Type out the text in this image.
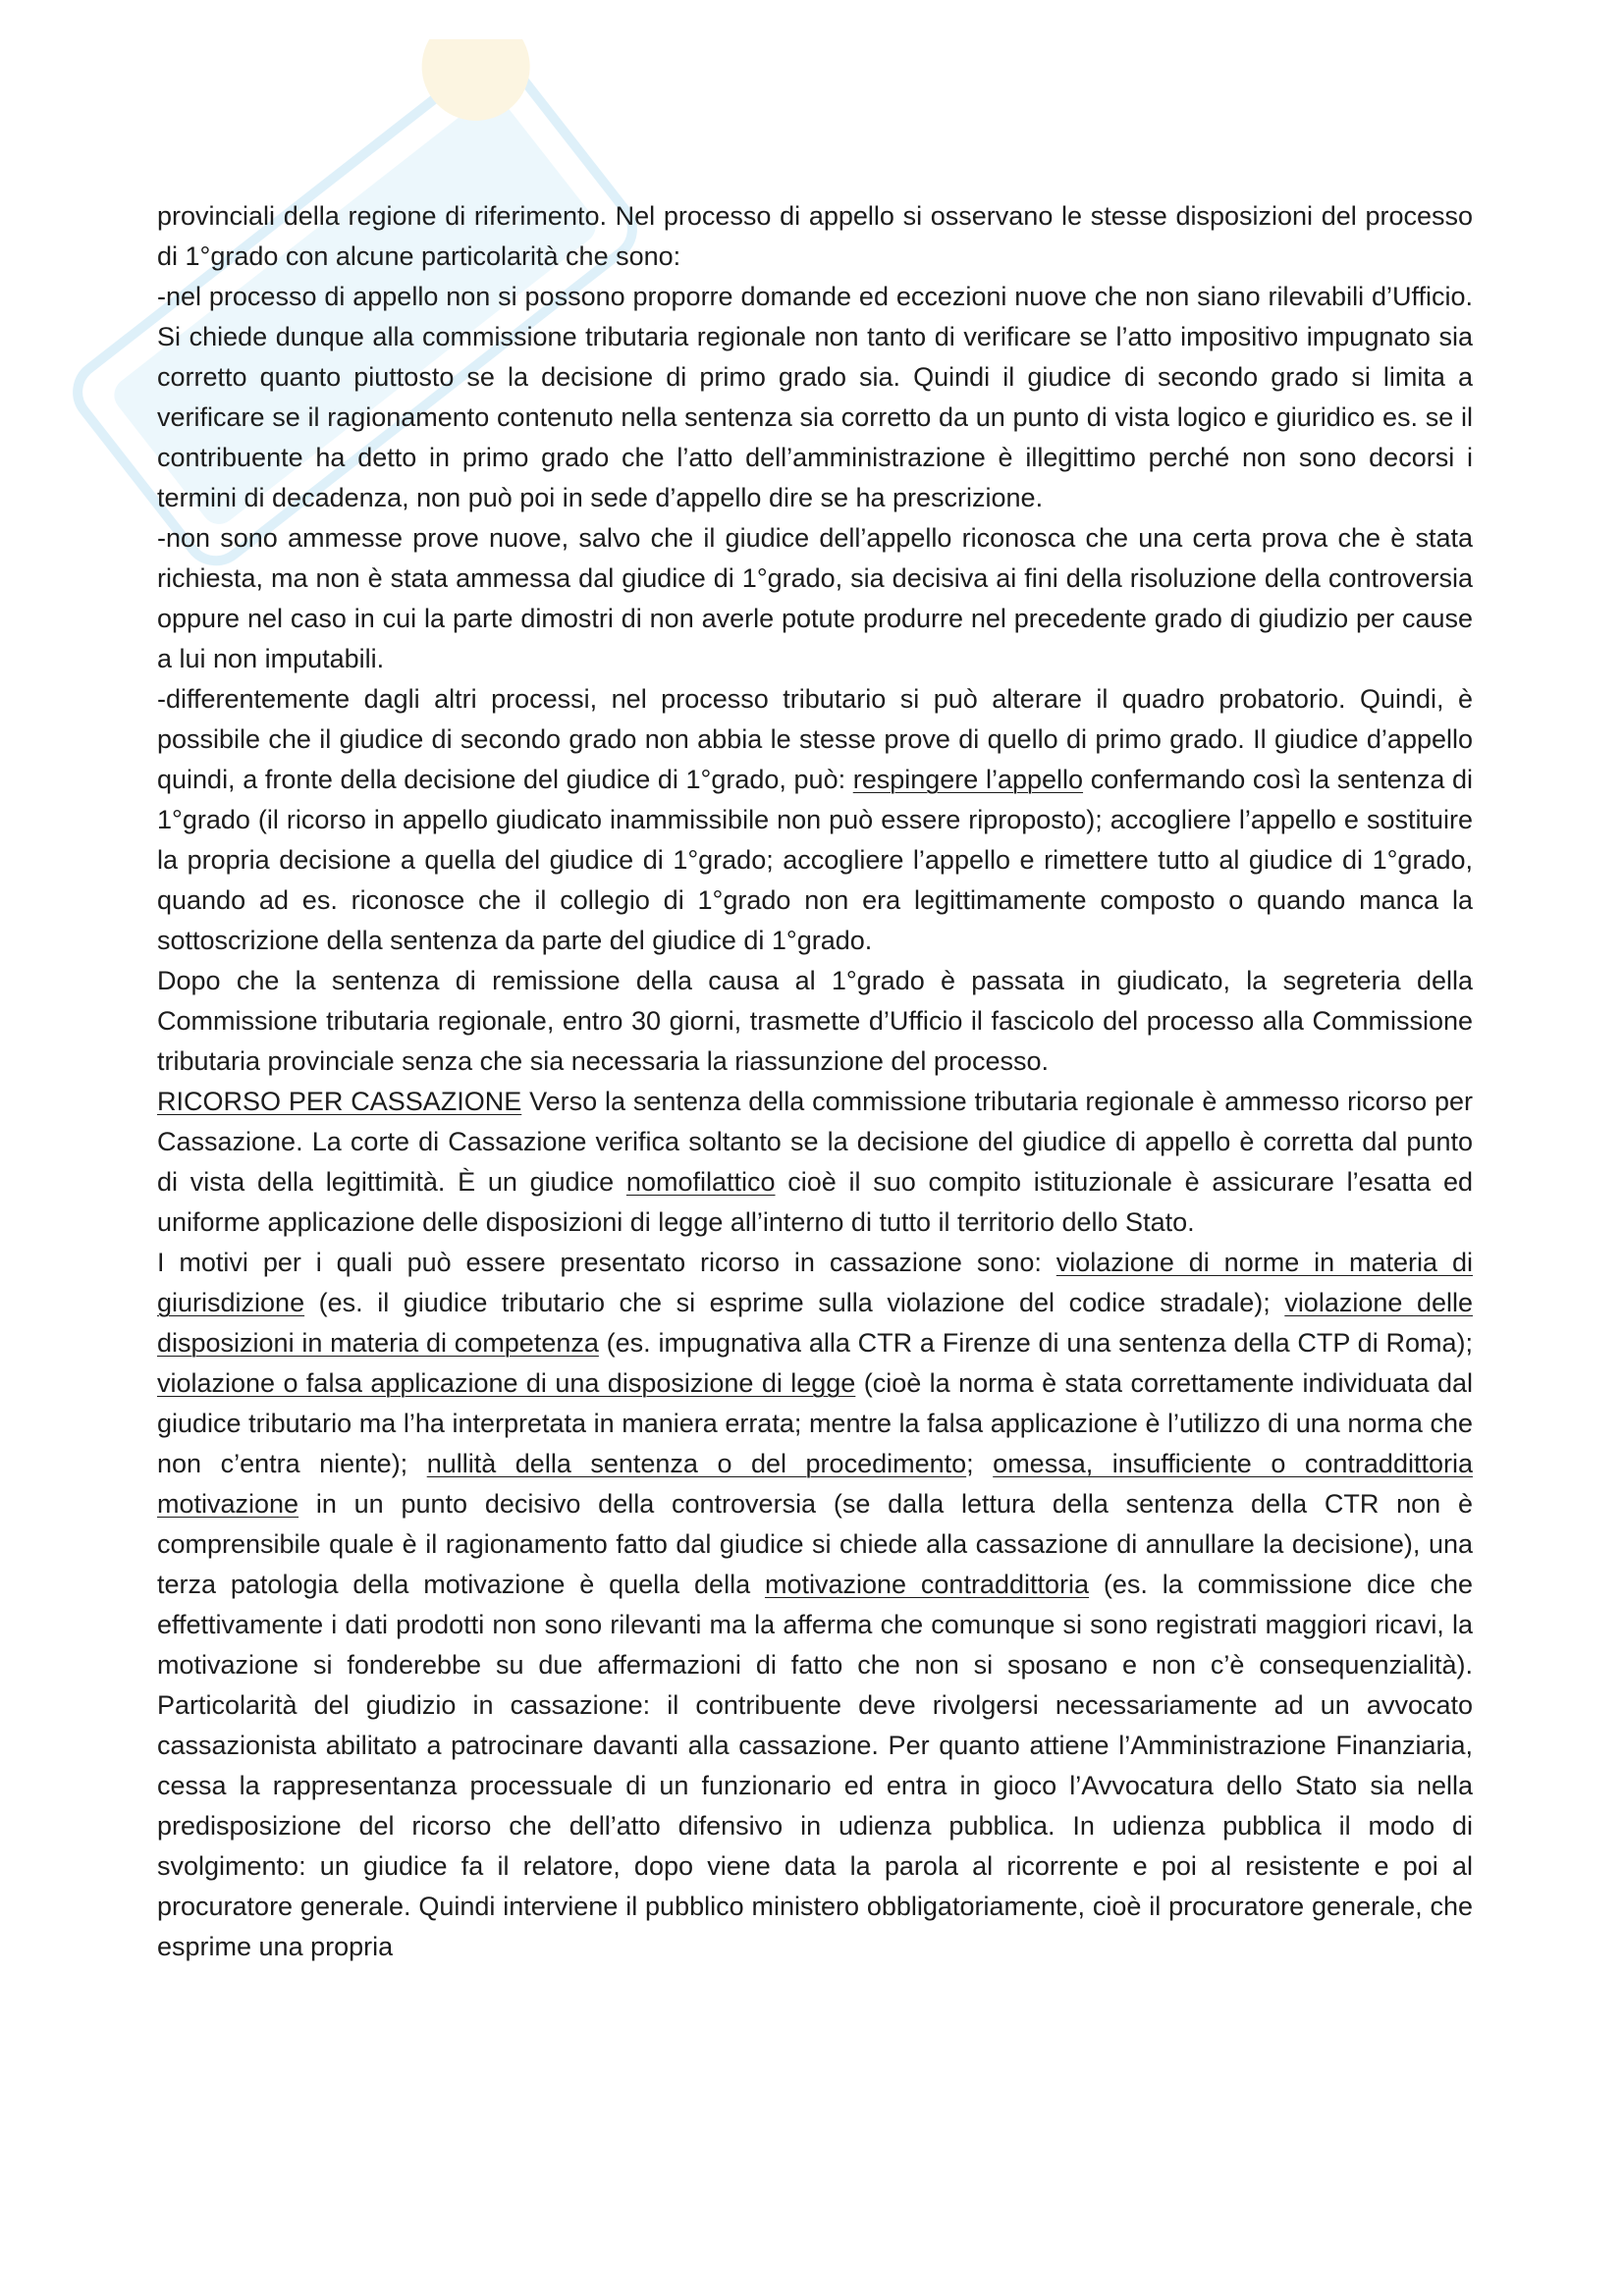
provinciali della regione di riferimento. Nel processo di appello si osservano le stesse disposizioni del processo di 1°grado con alcune particolarità che sono:

-nel processo di appello non si possono proporre domande ed eccezioni nuove che non siano rilevabili d’Ufficio. Si chiede dunque alla commissione tributaria regionale non tanto di verificare se l’atto impositivo impugnato sia corretto quanto piuttosto se la decisione di primo grado sia. Quindi il giudice di secondo grado si limita a verificare se il ragionamento contenuto nella sentenza sia corretto da un punto di vista logico e giuridico es. se il contribuente ha detto in primo grado che l’atto dell’amministrazione è illegittimo perché non sono decorsi i termini di decadenza, non può poi in sede d’appello dire se ha prescrizione.

-non sono ammesse prove nuove, salvo che il giudice dell’appello riconosca che una certa prova che è stata richiesta, ma non è stata ammessa dal giudice di 1°grado, sia decisiva ai fini della risoluzione della controversia oppure nel caso in cui la parte dimostri di non averle potute produrre nel precedente grado di giudizio per cause a lui non imputabili.

-differentemente dagli altri processi, nel processo tributario si può alterare il quadro probatorio. Quindi, è possibile che il giudice di secondo grado non abbia le stesse prove di quello di primo grado. Il giudice d’appello quindi, a fronte della decisione del giudice di 1°grado, può: respingere l’appello confermando così la sentenza di 1°grado (il ricorso in appello giudicato inammissibile non può essere riproposto); accogliere l’appello e sostituire la propria decisione a quella del giudice di 1°grado; accogliere l’appello e rimettere tutto al giudice di 1°grado, quando ad es. riconosce che il collegio di 1°grado non era legittimamente composto o quando manca la sottoscrizione della sentenza da parte del giudice di 1°grado.

Dopo che la sentenza di remissione della causa al 1°grado è passata in giudicato, la segreteria della Commissione tributaria regionale, entro 30 giorni, trasmette d’Ufficio il fascicolo del processo alla Commissione tributaria provinciale senza che sia necessaria la riassunzione del processo.

RICORSO PER CASSAZIONE Verso la sentenza della commissione tributaria regionale è ammesso ricorso per Cassazione. La corte di Cassazione verifica soltanto se la decisione del giudice di appello è corretta dal punto di vista della legittimità. È un giudice nomofilattico cioè il suo compito istituzionale è assicurare l’esatta ed uniforme applicazione delle disposizioni di legge all’interno di tutto il territorio dello Stato.

I motivi per i quali può essere presentato ricorso in cassazione sono: violazione di norme in materia di giurisdizione (es. il giudice tributario che si esprime sulla violazione del codice stradale); violazione delle disposizioni in materia di competenza (es. impugnativa alla CTR a Firenze di una sentenza della CTP di Roma); violazione o falsa applicazione di una disposizione di legge (cioè la norma è stata correttamente individuata dal giudice tributario ma l’ha interpretata in maniera errata; mentre la falsa applicazione è l’utilizzo di una norma che non c’entra niente); nullità della sentenza o del procedimento; omessa, insufficiente o contraddittoria motivazione in un punto decisivo della controversia (se dalla lettura della sentenza della CTR non è comprensibile quale è il ragionamento fatto dal giudice si chiede alla cassazione di annullare la decisione), una terza patologia della motivazione è quella della motivazione contraddittoria (es. la commissione dice che effettivamente i dati prodotti non sono rilevanti ma la afferma che comunque si sono registrati maggiori ricavi, la motivazione si fonderebbe su due affermazioni di fatto che non si sposano e non c’è consequenzialità). Particolarità del giudizio in cassazione: il contribuente deve rivolgersi necessariamente ad un avvocato cassazionista abilitato a patrocinare davanti alla cassazione. Per quanto attiene l’Amministrazione Finanziaria, cessa la rappresentanza processuale di un funzionario ed entra in gioco l’Avvocatura dello Stato sia nella predisposizione del ricorso che dell’atto difensivo in udienza pubblica. In udienza pubblica il modo di svolgimento: un giudice fa il relatore, dopo viene data la parola al ricorrente e poi al resistente e poi al procuratore generale. Quindi interviene il pubblico ministero obbligatoriamente, cioè il procuratore generale, che esprime una propria
